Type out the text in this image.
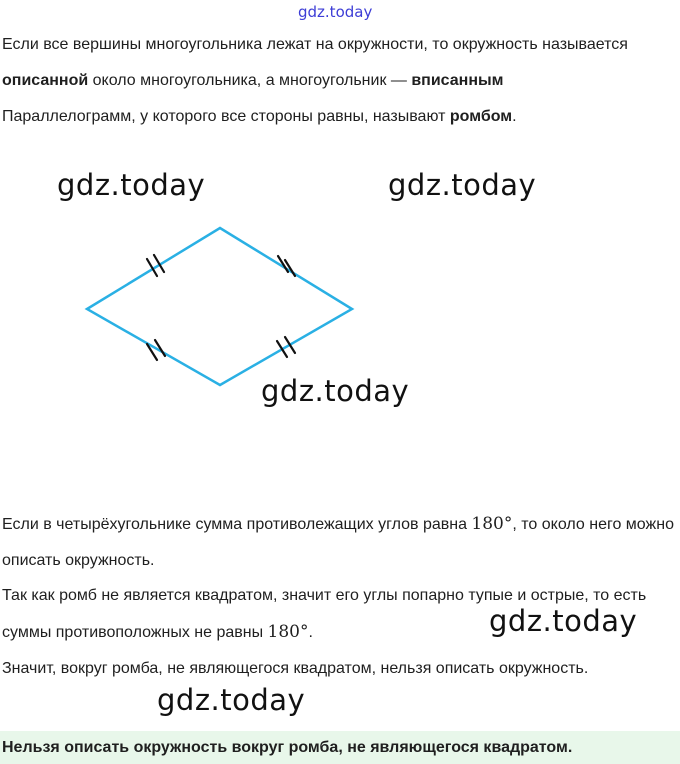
gdz.today

Если все вершины многоугольника лежат на окружности, то окружность называется описанной около многоугольника, а многоугольник — вписанным
Параллелограмм, у которого все стороны равны, называют ромбом.

gdz.today	gdz.today
gdz.today

Если в четырёхугольнике сумма противолежащих углов равна 180°, то около него можно описать окружность.

Так как ромб не является квадратом, значит его углы попарно тупые и острые, то есть суммы противоположных не равны 180°.	gdz.today

Значит, вокруг ромба, не являющегося квадратом, нельзя описать окружность.

gdz.today
Нельзя описать окружность вокруг ромба, не являющегося квадратом.
